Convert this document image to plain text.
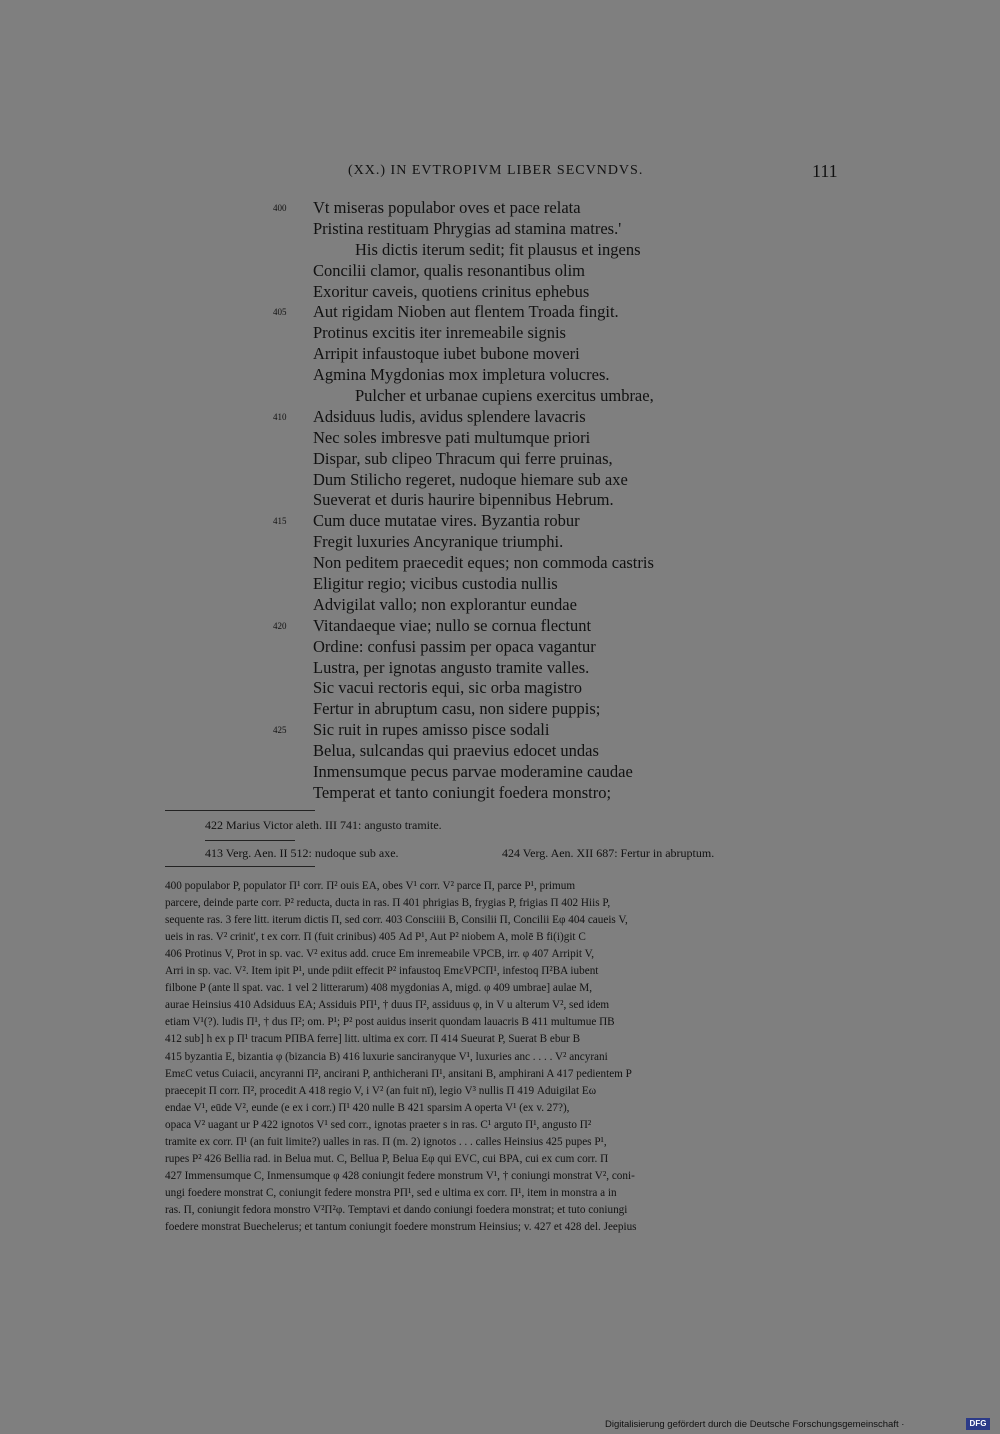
(XX.) IN EVTROPIVM LIBER SECVNDVS.	111
400 Vt miseras populabor oves et pace relata
Pristina restituam Phrygias ad stamina matres.'
His dictis iterum sedit; fit plausus et ingens
Concilii clamor, qualis resonantibus olim
Exoritur caveis, quotiens crinitus ephebus
405 Aut rigidam Nioben aut flentem Troada fingit.
Protinus excitis iter inremeabile signis
Arripit infaustoque iubet bubone moveri
Agmina Mygdonias mox impletura volucres.
Pulcher et urbanae cupiens exercitus umbrae,
410 Adsiduus ludis, avidus splendere lavacris
Nec soles imbresve pati multumque priori
Dispar, sub clipeo Thracum qui ferre pruinas,
Dum Stilicho regeret, nudoque hiemare sub axe
Sueverat et duris haurire bipennibus Hebrum.
415 Cum duce mutatae vires. Byzantia robur
Fregit luxuries Ancyranique triumphi.
Non peditem praecedit eques; non commoda castris
Eligitur regio; vicibus custodia nullis
Advigilat vallo; non explorantur eundae
420 Vitandaeque viae; nullo se cornua flectunt
Ordine: confusi passim per opaca vagantur
Lustra, per ignotas angusto tramite valles.
Sic vacui rectoris equi, sic orba magistro
Fertur in abruptum casu, non sidere puppis;
425 Sic ruit in rupes amisso pisce sodali
Belua, sulcandas qui praevius edocet undas
Inmensumque pecus parvae moderamine caudae
Temperat et tanto coniungit foedera monstro;
422 Marius Victor aleth. III 741: angusto tramite.
413 Verg. Aen. II 512: nudoque sub axe.	424 Verg. Aen. XII 687: Fertur in abruptum.
400 populabor P, populator Π¹ corr. Π² ouis EA, obes V¹ corr. V² parce Π, parce P¹, primum
parcere, deinde parte corr. P² reducta, ducta in ras. Π 401 phrigias B, frygias P, frigias Π 402 Hiis P,
sequente ras. 3 fere litt. iterum dictis Π, sed corr. 403 Consciiii B, Consilii Π, Concilii Eφ 404 caueis V,
ueis in ras. V² crinit', t ex corr. Π (fuit crinibus) 405 Ad P¹, Aut P² niobem A, molē B fi(i)git C
406 Protinus V, Prot in sp. vac. V² exitus add. cruce Em inremeabile VPCB, irr. φ 407 Arripit V,
Arri in sp. vac. V². Item ipit P¹, unde pdiit effecit P² infaustoq EmεVPCΠ¹, infestoq Π²BA iubent
filbone P (ante ll spat. vac. 1 vel 2 litterarum) 408 mygdonias A, migd. φ 409 umbrae] aulae M,
aurae Heinsius 410 Adsiduus EA; Assiduis PΠ¹, † duus Π², assiduus φ, in V u alterum V², sed idem
etiam V¹(?). ludis Π¹, † dus Π²; om. P¹; P² post auidus inserit quondam lauacris B 411 multumue ΠB
412 sub] h ex p Π¹ tracum PΠBA ferre] litt. ultima ex corr. Π 414 Sueurat P, Suerat B ebur B
415 byzantia E, bizantia φ (bizancia B) 416 luxurie sanciranyque V¹, luxuries anc . . . . V² ancyrani
EmεC vetus Cuiacii, ancyranni Π², ancirani P, anthicherani Π¹, ansitani B, amphirani A 417 pedientem P
praecepit Π corr. Π², procedit A 418 regio V, i V² (an fuit nī), legio V³ nullis Π 419 Aduigilat Eω
endae V¹, eūde V², eunde (e ex i corr.) Π¹ 420 nulle B 421 sparsim A operta V¹ (ex v. 27?),
opaca V² uagant ur P 422 ignotos V¹ sed corr., ignotas praeter s in ras. C¹ arguto Π¹, angusto Π²
tramite ex corr. Π¹ (an fuit limite?) ualles in ras. Π (m. 2) ignotos . . . calles Heinsius 425 pupes P¹,
rupes P² 426 Bellia rad. in Belua mut. C, Bellua P, Belua Eφ qui EVC, cui BPA, cui ex cum corr. Π
427 Immensumque C, Inmensumque φ 428 coniungit federe monstrum V¹, † coniungi monstrat V², coni-
ungi foedere monstrat C, coniungit federe monstra PΠ¹, sed e ultima ex corr. Π¹, item in monstra a in
ras. Π, coniungit fedora monstro V²Π²φ. Temptavi et dando coniungi foedera monstrat; et tuto coniungi
foedere monstrat Buechelerus; et tantum coniungit foedere monstrum Heinsius; v. 427 et 428 del. Jeepius
Digitalisierung gefördert durch die Deutsche Forschungsgemeinschaft ·	DFG
